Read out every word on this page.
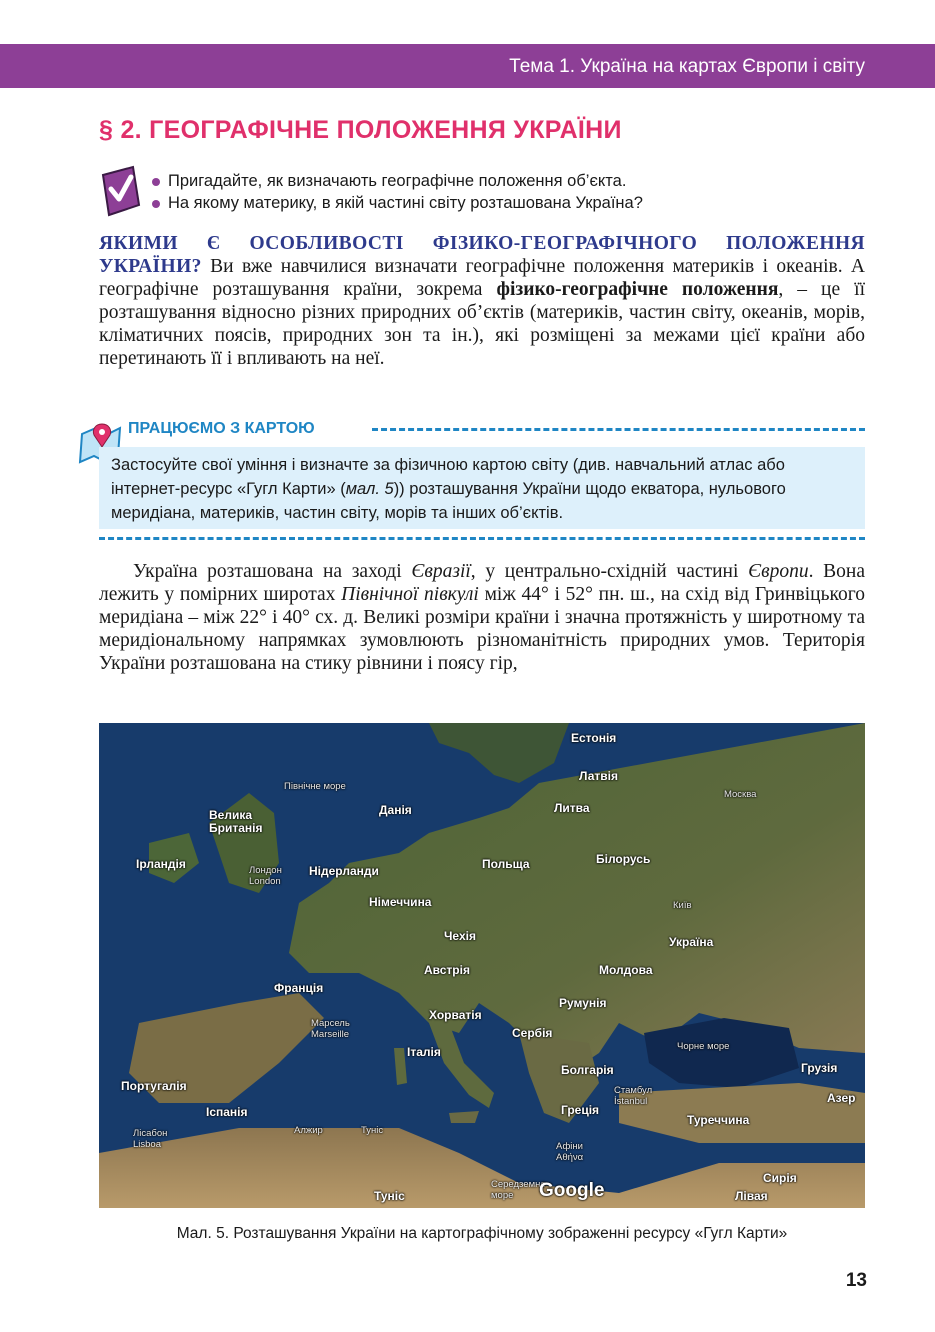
Тема 1. Україна на картах Європи і світу
§ 2. ГЕОГРАФІЧНЕ ПОЛОЖЕННЯ УКРАЇНИ
Пригадайте, як визначають географічне положення об’єкта.
На якому материку, в якій частині світу розташована Україна?

ЯКИМИ Є ОСОБЛИВОСТІ ФІЗИКО-ГЕОГРАФІЧНОГО ПОЛОЖЕННЯ УКРАЇНИ? Ви вже навчилися визначати географічне положення материків і океанів. А географічне розташування країни, зокрема фізико-географічне положення, – це її розташування відносно різних природних об’єктів (материків, частин світу, океанів, морів, кліматичних поясів, природних зон та ін.), які розміщені за межами цієї країни або перетинають її і впливають на неї.

ПРАЦЮЄМО З КАРТОЮ

Застосуйте свої уміння і визначте за фізичною картою світу (див. навчальний атлас або інтернет-ресурс «Гугл Карти» (мал. 5)) розташування України щодо екватора, нульового меридіана, материків, частин світу, морів та інших об’єктів.

Україна розташована на заході Євразії, у центрально-східній частині Європи. Вона лежить у помірних широтах Північної півкулі між 44° і 52° пн. ш., на схід від Гринвіцького меридіана – між 22° і 40° сх. д. Великі розміри країни і значна протяжність у широтному та меридіональному напрямках зумовлюють різноманітність природних умов. Територія України розташована на стику рівнини і поясу гір,

Естонія
Латвія
Литва
Москва
Північне море
Данія
Велика Британія
Ірландія	Лондон London
Нідерланди	Польща	Білорусь
Німеччина	Київ
Чехія	Україна
Австрія	Молдова
Франція
Румунія
Хорватія
Марсель Marseille	Сербія
Італія	Чорне море
Болгарія	Грузія
Португалія	Стамбул İstanbul	Азер
Іспанія	Греція
Туреччина
Алжир	Туніс
Лісабон Lisboa	Афіни Αθήνα
Сирія
Туніс
Середземне море	Google	Лівая
Мал. 5. Розташування України на картографічному зображенні ресурсу «Гугл Карти»
13
